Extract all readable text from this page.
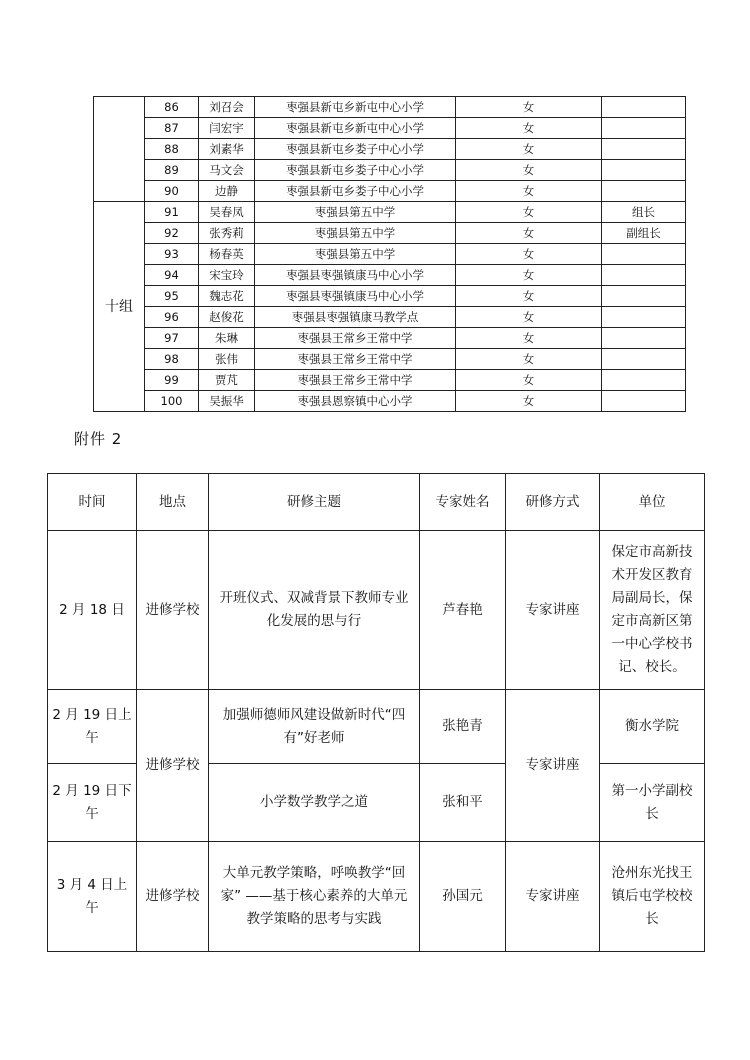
	86	刘召会	枣强县新屯乡新屯中心小学	女	
	87	闫宏宇	枣强县新屯乡新屯中心小学	女	
	88	刘素华	枣强县新屯乡娄子中心小学	女	
	89	马文会	枣强县新屯乡娄子中心小学	女	
	90	边静	枣强县新屯乡娄子中心小学	女	
十组	91	吴春凤	枣强县第五中学	女	组长
	92	张秀莉	枣强县第五中学	女	副组长
	93	杨春英	枣强县第五中学	女	
	94	宋宝玲	枣强县枣强镇康马中心小学	女	
	95	魏志花	枣强县枣强镇康马中心小学	女	
	96	赵俊花	枣强县枣强镇康马教学点	女	
	97	朱琳	枣强县王常乡王常中学	女	
	98	张伟	枣强县王常乡王常中学	女	
	99	贾芃	枣强县王常乡王常中学	女	
	100	吴振华	枣强县恩察镇中心小学	女	
附件 2
时间	地点	研修主题	专家姓名	研修方式	单位
2 月 18 日	进修学校	开班仪式、双减背景下教师专业化发展的思与行	芦春艳	专家讲座	保定市高新技术开发区教育局副局长，保定市高新区第一中心学校书记、校长。
2 月 19 日上午	进修学校	加强师德师风建设做新时代“四有”好老师	张艳青	专家讲座	衡水学院
2 月 19 日下午		小学数学教学之道	张和平		第一小学副校长
3 月 4 日上午	进修学校	大单元教学策略，呼唤教学“回家” ——基于核心素养的大单元教学策略的思考与实践	孙国元	专家讲座	沧州东光找王镇后屯学校校长
